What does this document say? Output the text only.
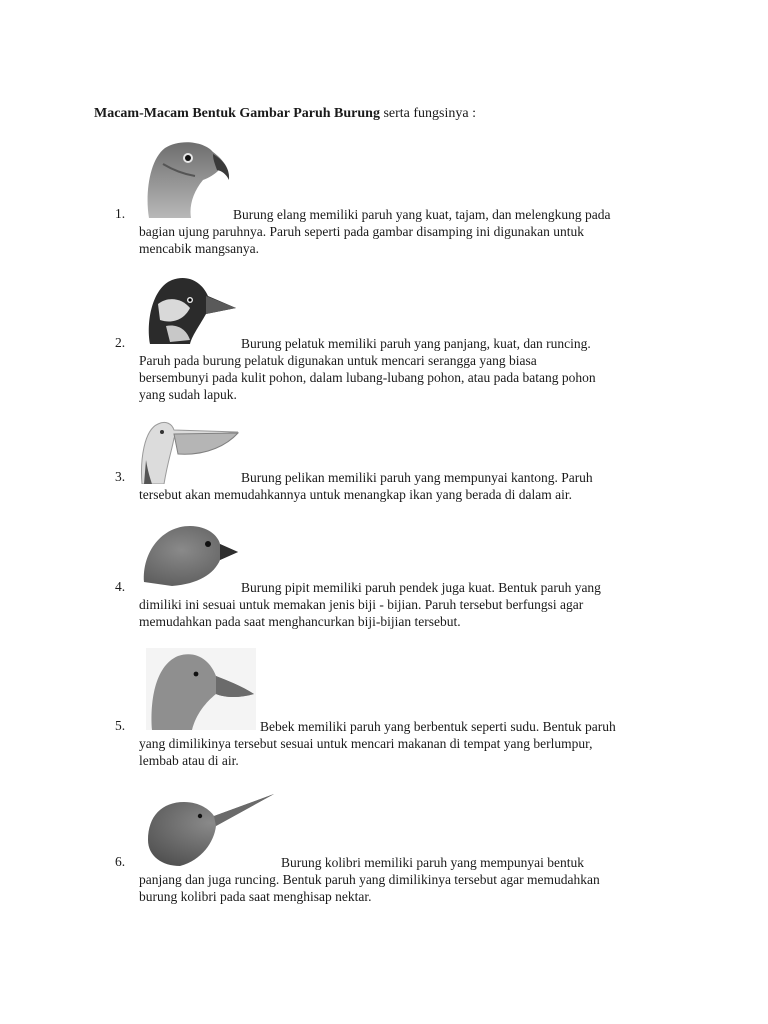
Macam-Macam Bentuk Gambar Paruh Burung serta fungsinya :
1.	Burung elang memiliki paruh yang kuat, tajam, dan melengkung pada
bagian ujung paruhnya. Paruh seperti pada gambar disamping ini digunakan untuk
mencabik mangsanya.
2.	Burung pelatuk memiliki paruh yang panjang, kuat, dan runcing.
Paruh pada burung pelatuk digunakan untuk mencari serangga yang biasa
bersembunyi pada kulit pohon, dalam lubang-lubang pohon, atau pada batang pohon
yang sudah lapuk.
3.	Burung pelikan memiliki paruh yang mempunyai kantong. Paruh
tersebut akan memudahkannya untuk menangkap ikan yang berada di dalam air.
4.	Burung pipit memiliki paruh pendek juga kuat. Bentuk paruh yang
dimiliki ini sesuai untuk memakan jenis biji - bijian. Paruh tersebut berfungsi agar
memudahkan pada saat menghancurkan biji-bijian tersebut.
5.	Bebek memiliki paruh yang berbentuk seperti sudu. Bentuk paruh
yang dimilikinya tersebut sesuai untuk mencari makanan di tempat yang berlumpur,
lembab atau di air.
6.	Burung kolibri memiliki paruh yang mempunyai bentuk
panjang dan juga runcing. Bentuk paruh yang dimilikinya tersebut agar memudahkan
burung kolibri pada saat menghisap nektar.
